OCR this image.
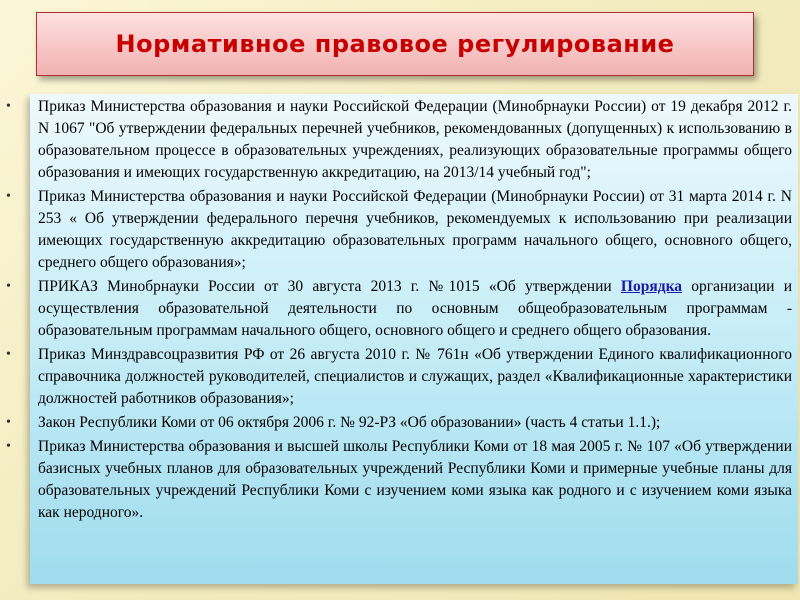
Нормативное правовое регулирование
• Приказ Министерства образования и науки Российской Федерации (Минобрнауки России) от 19 декабря 2012 г. N 1067 "Об утверждении федеральных перечней учебников, рекомендованных (допущенных) к использованию в образовательном процессе в образовательных учреждениях, реализующих образовательные программы общего образования и имеющих государственную аккредитацию, на 2013/14 учебный год";
• Приказ Министерства образования и науки Российской Федерации (Минобрнауки России) от 31 марта 2014 г. N 253 « Об утверждении федерального перечня учебников, рекомендуемых к использованию при реализации имеющих государственную аккредитацию образовательных программ начального общего, основного общего, среднего общего образования»;
• ПРИКАЗ Минобрнауки России от 30 августа 2013 г. №1015 «Об утверждении Порядка организации и осуществления образовательной деятельности по основным общеобразовательным программам - образовательным программам начального общего, основного общего и среднего общего образования.
• Приказ Минздравсоцразвития РФ от 26 августа 2010 г. № 761н «Об утверждении Единого квалификационного справочника должностей руководителей, специалистов и служащих, раздел «Квалификационные характеристики должностей работников образования»;
• Закон Республики Коми от 06 октября 2006 г. № 92-РЗ «Об образовании» (часть 4 статьи 1.1.);
• Приказ Министерства образования и высшей школы Республики Коми от 18 мая 2005 г. № 107 «Об утверждении базисных учебных планов для образовательных учреждений Республики Коми и примерные учебные планы для образовательных учреждений Республики Коми с изучением коми языка как родного и с изучением коми языка как неродного».
